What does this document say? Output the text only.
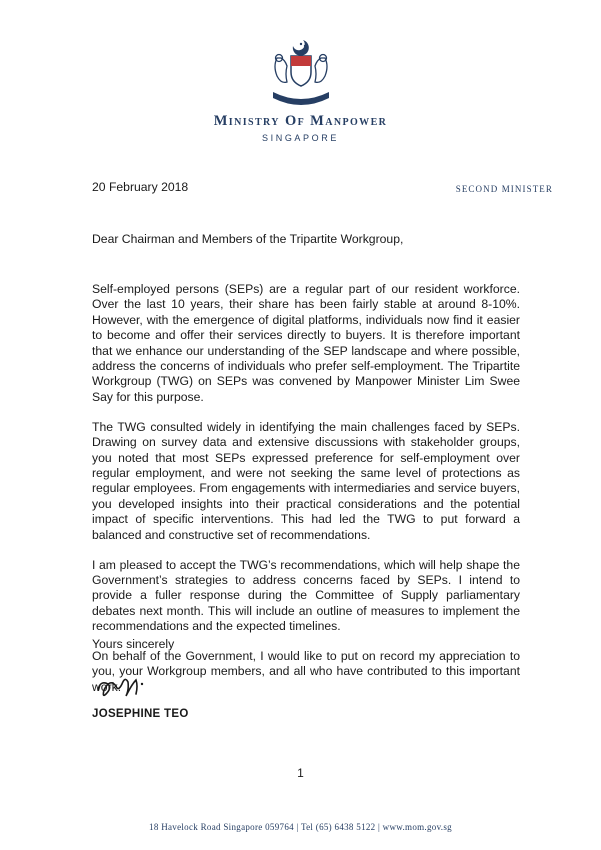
Ministry Of Manpower
SINGAPORE
20 February 2018	SECOND MINISTER
Dear Chairman and Members of the Tripartite Workgroup,

Self-employed persons (SEPs) are a regular part of our resident workforce. Over the last 10 years, their share has been fairly stable at around 8-10%. However, with the emergence of digital platforms, individuals now find it easier to become and offer their services directly to buyers. It is therefore important that we enhance our understanding of the SEP landscape and where possible, address the concerns of individuals who prefer self-employment. The Tripartite Workgroup (TWG) on SEPs was convened by Manpower Minister Lim Swee Say for this purpose.

The TWG consulted widely in identifying the main challenges faced by SEPs. Drawing on survey data and extensive discussions with stakeholder groups, you noted that most SEPs expressed preference for self-employment over regular employment, and were not seeking the same level of protections as regular employees. From engagements with intermediaries and service buyers, you developed insights into their practical considerations and the potential impact of specific interventions. This had led the TWG to put forward a balanced and constructive set of recommendations.

I am pleased to accept the TWG’s recommendations, which will help shape the Government’s strategies to address concerns faced by SEPs. I intend to provide a fuller response during the Committee of Supply parliamentary debates next month. This will include an outline of measures to implement the recommendations and the expected timelines.

On behalf of the Government, I would like to put on record my appreciation to you, your Workgroup members, and all who have contributed to this important work.

Yours sincerely
JOSEPHINE TEO
1
18 Havelock Road Singapore 059764 | Tel (65) 6438 5122 | www.mom.gov.sg
